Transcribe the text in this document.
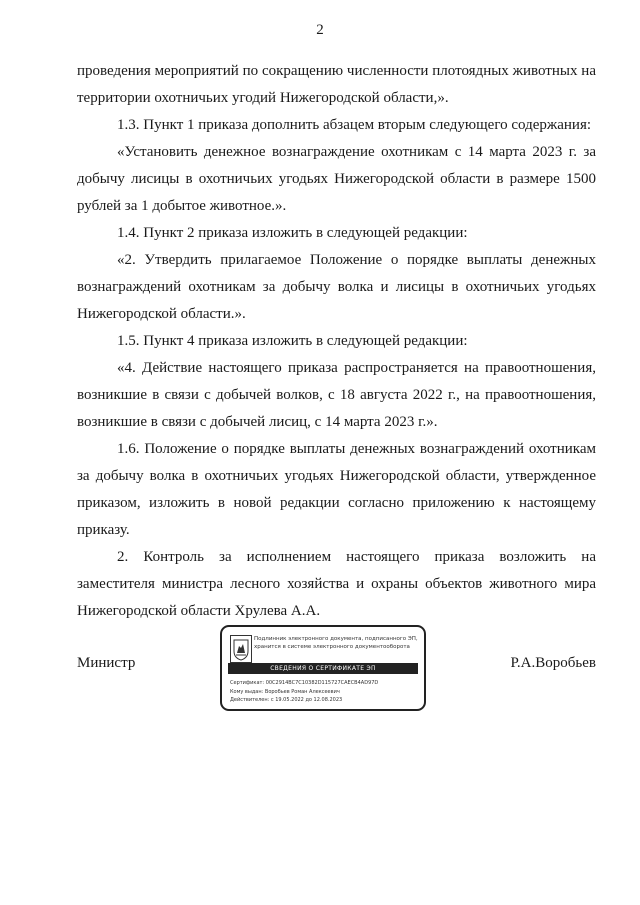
2

проведения мероприятий по сокращению численности плотоядных животных на территории охотничьих угодий Нижегородской области,».

1.3. Пункт 1 приказа дополнить абзацем вторым следующего содержания:

«Установить денежное вознаграждение охотникам с 14 марта 2023 г. за добычу лисицы в охотничьих угодьях Нижегородской области в размере 1500 рублей за 1 добытое животное.».

1.4. Пункт 2 приказа изложить в следующей редакции:

«2. Утвердить прилагаемое Положение о порядке выплаты денежных вознаграждений охотникам за добычу волка и лисицы в охотничьих угодьях Нижегородской области.».

1.5. Пункт 4 приказа изложить в следующей редакции:

«4. Действие настоящего приказа распространяется на правоотношения, возникшие в связи с добычей волков, с 18 августа 2022 г., на правоотношения, возникшие в связи с добычей лисиц, с 14 марта 2023 г.».

1.6. Положение о порядке выплаты денежных вознаграждений охотникам за добычу волка в охотничьих угодьях Нижегородской области, утвержденное приказом, изложить в новой редакции согласно приложению к настоящему приказу.

2. Контроль за исполнением настоящего приказа возложить на заместителя министра лесного хозяйства и охраны объектов животного мира Нижегородской области Хрулева А.А.

Министр	Р.А.Воробьев
Подлинник электронного документа, подписанного ЭП, хранится в системе электронного документооборота
СВЕДЕНИЯ О СЕРТИФИКАТЕ ЭП
Сертификат: 00C2914BC7C10382D115727CAECB4AD97D
Кому выдан: Воробьев Роман Алексеевич
Действителен: с 19.05.2022 до 12.08.2023
